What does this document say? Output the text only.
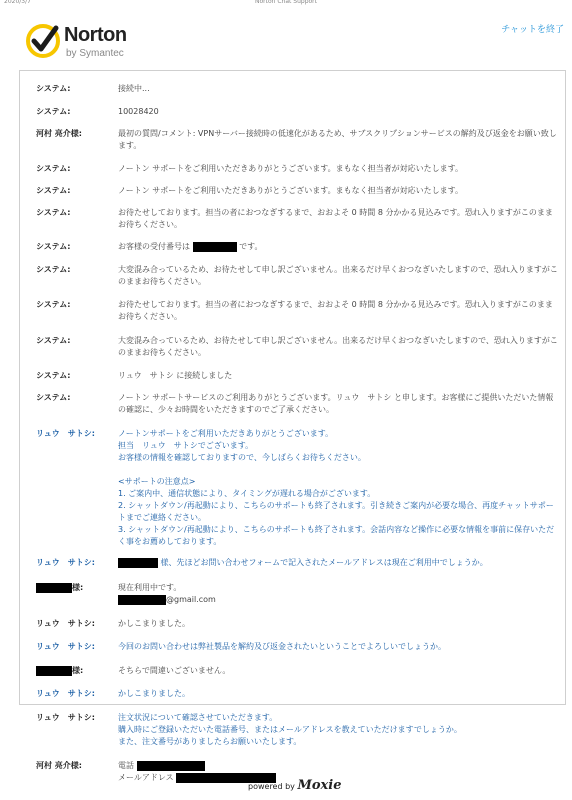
2020/3/7	Norton Chat Support
Norton
by Symantec
チャットを終了
システム:	接続中...
システム:	10028420
河村 亮介様:	最初の質問/コメント: VPNサーバー接続時の低速化があるため、サブスクリプションサービスの解約及び返金をお願い致します。
システム:	ノートン サポートをご利用いただきありがとうございます。まもなく担当者が対応いたします。
システム:	ノートン サポートをご利用いただきありがとうございます。まもなく担当者が対応いたします。
システム:	お待たせしております。担当の者におつなぎするまで、おおよそ 0 時間 8 分かかる見込みです。恐れ入りますがこのままお待ちください。
システム:	お客様の受付番号は	です。
システム:	大変混み合っているため、お待たせして申し訳ございません。出来るだけ早くおつなぎいたしますので、恐れ入りますがこのままお待ちください。
システム:	お待たせしております。担当の者におつなぎするまで、おおよそ 0 時間 8 分かかる見込みです。恐れ入りますがこのままお待ちください。
システム:	大変混み合っているため、お待たせして申し訳ございません。出来るだけ早くおつなぎいたしますので、恐れ入りますがこのままお待ちください。
システム:	リュウ　サトシ に接続しました
システム:	ノートン サポートサービスのご利用ありがとうございます。リュウ　サトシ と申します。お客様にご提供いただいた情報の確認に、少々お時間をいただきますのでご了承ください。
リュウ　サトシ:	ノートンサポートをご利用いただきありがとうございます。
担当　リュウ　サトシでございます。
お客様の情報を確認しておりますので、今しばらくお待ちください。
<サポートの注意点>
1. ご案内中、通信状態により、タイミングが遅れる場合がございます。
2. シャットダウン/再起動により、こちらのサポートも終了されます。引き続きご案内が必要な場合、再度チャットサポートまでご連絡ください。
3. シャットダウン/再起動により、こちらのサポートも終了されます。会話内容など操作に必要な情報を事前に保存いただく事をお薦めしております。
リュウ　サトシ:	様、先ほどお問い合わせフォームで記入されたメールアドレスは現在ご利用中でしょうか。
様:	現在利用中です。
@gmail.com
リュウ　サトシ:	かしこまりました。
リュウ　サトシ:	今回のお問い合わせは弊社製品を解約及び返金されたいということでよろしいでしょうか。
様:	そちらで間違いございません。
リュウ　サトシ:	かしこまりました。
リュウ　サトシ:	注文状況について確認させていただきます。
購入時にご登録いただいた電話番号、またはメールアドレスを教えていただけますでしょうか。
また、注文番号がありましたらお願いいたします。
河村 亮介様:	電話
メールアドレス
powered by Moxie
